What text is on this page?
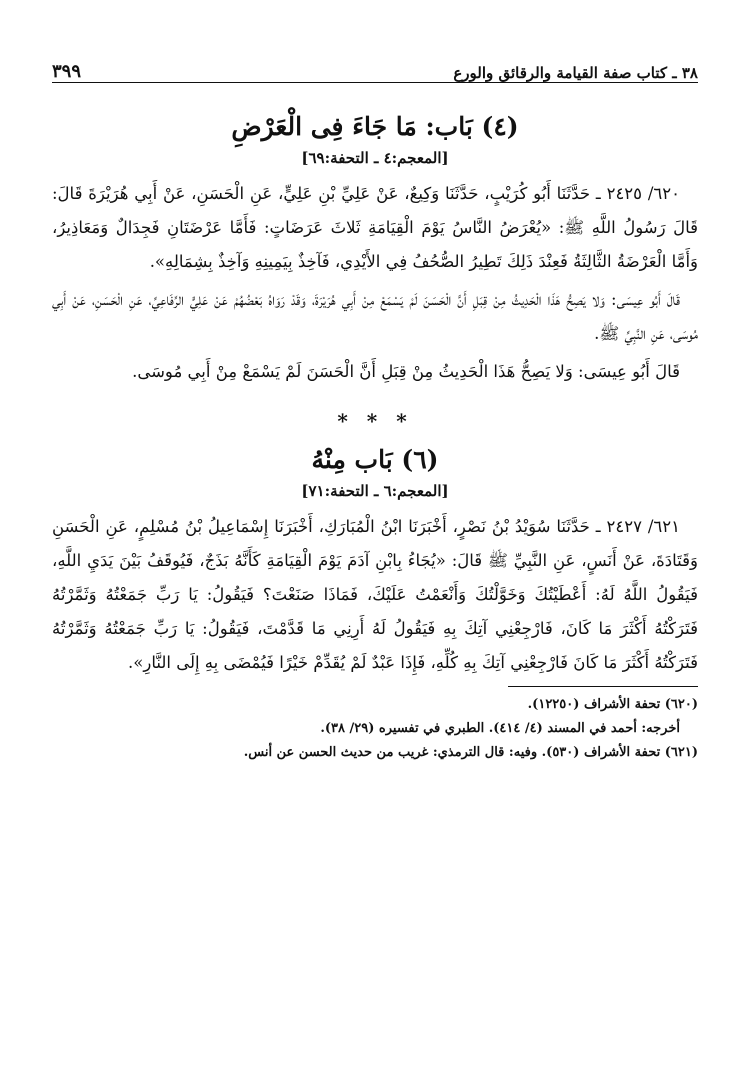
٣٨ ـ كتاب صفة القيامة والرقائق والورع
٣٩٩
(٤) بَاب: مَا جَاءَ فِى الْعَرْضِ
[المعجم:٤ ـ التحفة:٦٩]

٦٢٠/ ٢٤٢٥ ـ حَدَّثَنَا أَبُو كُرَيْبٍ، حَدَّثَنَا وَكِيعٌ، عَنْ عَلِيِّ بْنِ عَلِيٍّ، عَنِ الْحَسَنِ، عَنْ أَبِي هُرَيْرَةَ قَالَ: قَالَ رَسُولُ اللَّهِ ﷺ: «يُعْرَضُ النَّاسُ يَوْمَ الْقِيَامَةِ ثَلاثَ عَرَضَاتٍ: فَأَمَّا عَرْضَتَانِ فَجِدَالٌ وَمَعَاذِيرُ، وَأَمَّا الْعَرْضَةُ الثَّالِثَةُ فَعِنْدَ ذَلِكَ تَطِيرُ الصُّحُفُ فِي الأَيْدِي، فَآخِذٌ بِيَمِينِهِ وَآخِذٌ بِشِمَالِهِ».

قَالَ أَبُو عِيسَى: وَلا يَصِحُّ هَذَا الْحَدِيثُ مِنْ قِبَلِ أَنَّ الْحَسَنَ لَمْ يَسْمَعْ مِنْ أَبِي هُرَيْرَةَ، وَقَدْ رَوَاهُ بَعْضُهُمْ عَنْ عَلِيٍّ الرِّفَاعِيِّ، عَنِ الْحَسَنِ، عَنْ أَبِي مُوسَى، عَنِ النَّبِيِّ ﷺ.

قَالَ أَبُو عِيسَى: وَلا يَصِحُّ هَذَا الْحَدِيثُ مِنْ قِبَلِ أَنَّ الْحَسَنَ لَمْ يَسْمَعْ مِنْ أَبِي مُوسَى.

* * *
(٦) بَاب مِنْهُ
[المعجم:٦ ـ التحفة:٧١]

٦٢١/ ٢٤٢٧ ـ حَدَّثَنَا سُوَيْدُ بْنُ نَصْرٍ، أَخْبَرَنَا ابْنُ الْمُبَارَكِ، أَخْبَرَنَا إِسْمَاعِيلُ بْنُ مُسْلِمٍ، عَنِ الْحَسَنِ وَقَتَادَةَ، عَنْ أَنَسٍ، عَنِ النَّبِيِّ ﷺ قَالَ: «يُجَاءُ بِابْنِ آدَمَ يَوْمَ الْقِيَامَةِ كَأَنَّهُ بَذَجٌ، فَيُوقَفُ بَيْنَ يَدَيِ اللَّهِ، فَيَقُولُ اللَّهُ لَهُ: أَعْطَيْتُكَ وَخَوَّلْتُكَ وَأَنْعَمْتُ عَلَيْكَ، فَمَاذَا صَنَعْتَ؟ فَيَقُولُ: يَا رَبِّ جَمَعْتُهُ وَثَمَّرْتُهُ فَتَرَكْتُهُ أَكْثَرَ مَا كَانَ، فَارْجِعْنِي آتِكَ بِهِ فَيَقُولُ لَهُ أَرِنِي مَا قَدَّمْتَ، فَيَقُولُ: يَا رَبِّ جَمَعْتُهُ وَثَمَّرْتُهُ فَتَرَكْتُهُ أَكْثَرَ مَا كَانَ فَارْجِعْنِي آتِكَ بِهِ كُلِّهِ، فَإِذَا عَبْدٌ لَمْ يُقَدِّمْ خَيْرًا فَيُمْضَى بِهِ إِلَى النَّارِ».

(٦٢٠) تحفة الأشراف (١٢٢٥٠).

أخرجه: أحمد في المسند (٤/ ٤١٤). الطبري في تفسيره (٢٩/ ٣٨).

(٦٢١) تحفة الأشراف (٥٣٠). وفيه: قال الترمذي: غريب من حديث الحسن عن أنس.
